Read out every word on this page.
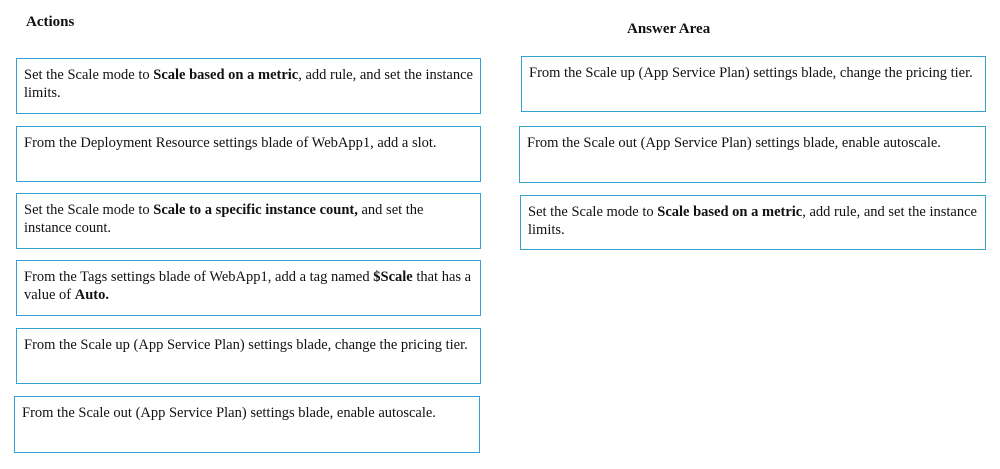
Actions	Answer Area
Set the Scale mode to Scale based on a metric, add rule, and set the instance limits.
From the Deployment Resource settings blade of WebApp1, add a slot.
Set the Scale mode to Scale to a specific instance count, and set the instance count.
From the Tags settings blade of WebApp1, add a tag named $Scale that has a value of Auto.
From the Scale up (App Service Plan) settings blade, change the pricing tier.
From the Scale out (App Service Plan) settings blade, enable autoscale.
From the Scale up (App Service Plan) settings blade, change the pricing tier.
From the Scale out (App Service Plan) settings blade, enable autoscale.
Set the Scale mode to Scale based on a metric, add rule, and set the instance limits.
